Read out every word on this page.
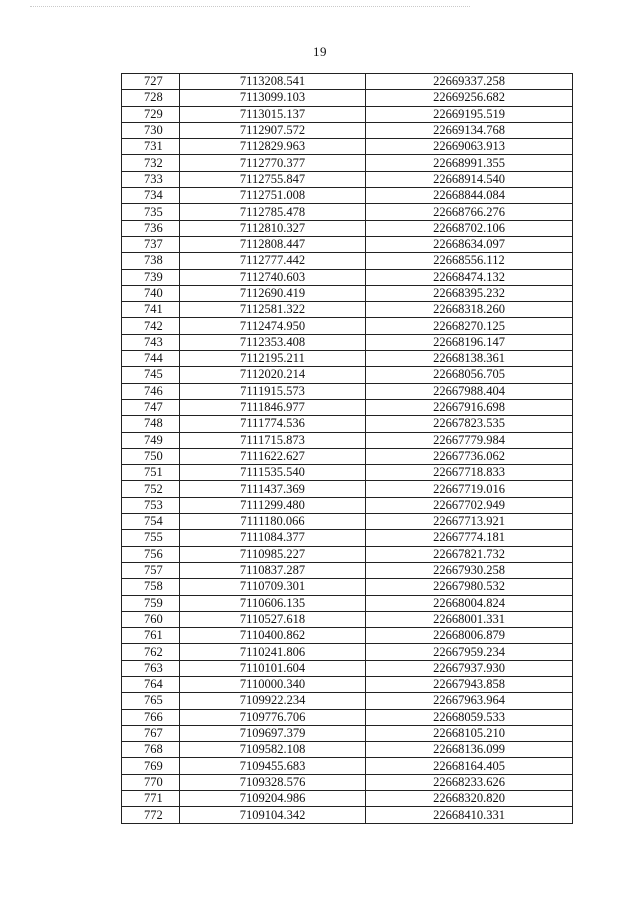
19
727	7113208.541	22669337.258
728	7113099.103	22669256.682
729	7113015.137	22669195.519
730	7112907.572	22669134.768
731	7112829.963	22669063.913
732	7112770.377	22668991.355
733	7112755.847	22668914.540
734	7112751.008	22668844.084
735	7112785.478	22668766.276
736	7112810.327	22668702.106
737	7112808.447	22668634.097
738	7112777.442	22668556.112
739	7112740.603	22668474.132
740	7112690.419	22668395.232
741	7112581.322	22668318.260
742	7112474.950	22668270.125
743	7112353.408	22668196.147
744	7112195.211	22668138.361
745	7112020.214	22668056.705
746	7111915.573	22667988.404
747	7111846.977	22667916.698
748	7111774.536	22667823.535
749	7111715.873	22667779.984
750	7111622.627	22667736.062
751	7111535.540	22667718.833
752	7111437.369	22667719.016
753	7111299.480	22667702.949
754	7111180.066	22667713.921
755	7111084.377	22667774.181
756	7110985.227	22667821.732
757	7110837.287	22667930.258
758	7110709.301	22667980.532
759	7110606.135	22668004.824
760	7110527.618	22668001.331
761	7110400.862	22668006.879
762	7110241.806	22667959.234
763	7110101.604	22667937.930
764	7110000.340	22667943.858
765	7109922.234	22667963.964
766	7109776.706	22668059.533
767	7109697.379	22668105.210
768	7109582.108	22668136.099
769	7109455.683	22668164.405
770	7109328.576	22668233.626
771	7109204.986	22668320.820
772	7109104.342	22668410.331
